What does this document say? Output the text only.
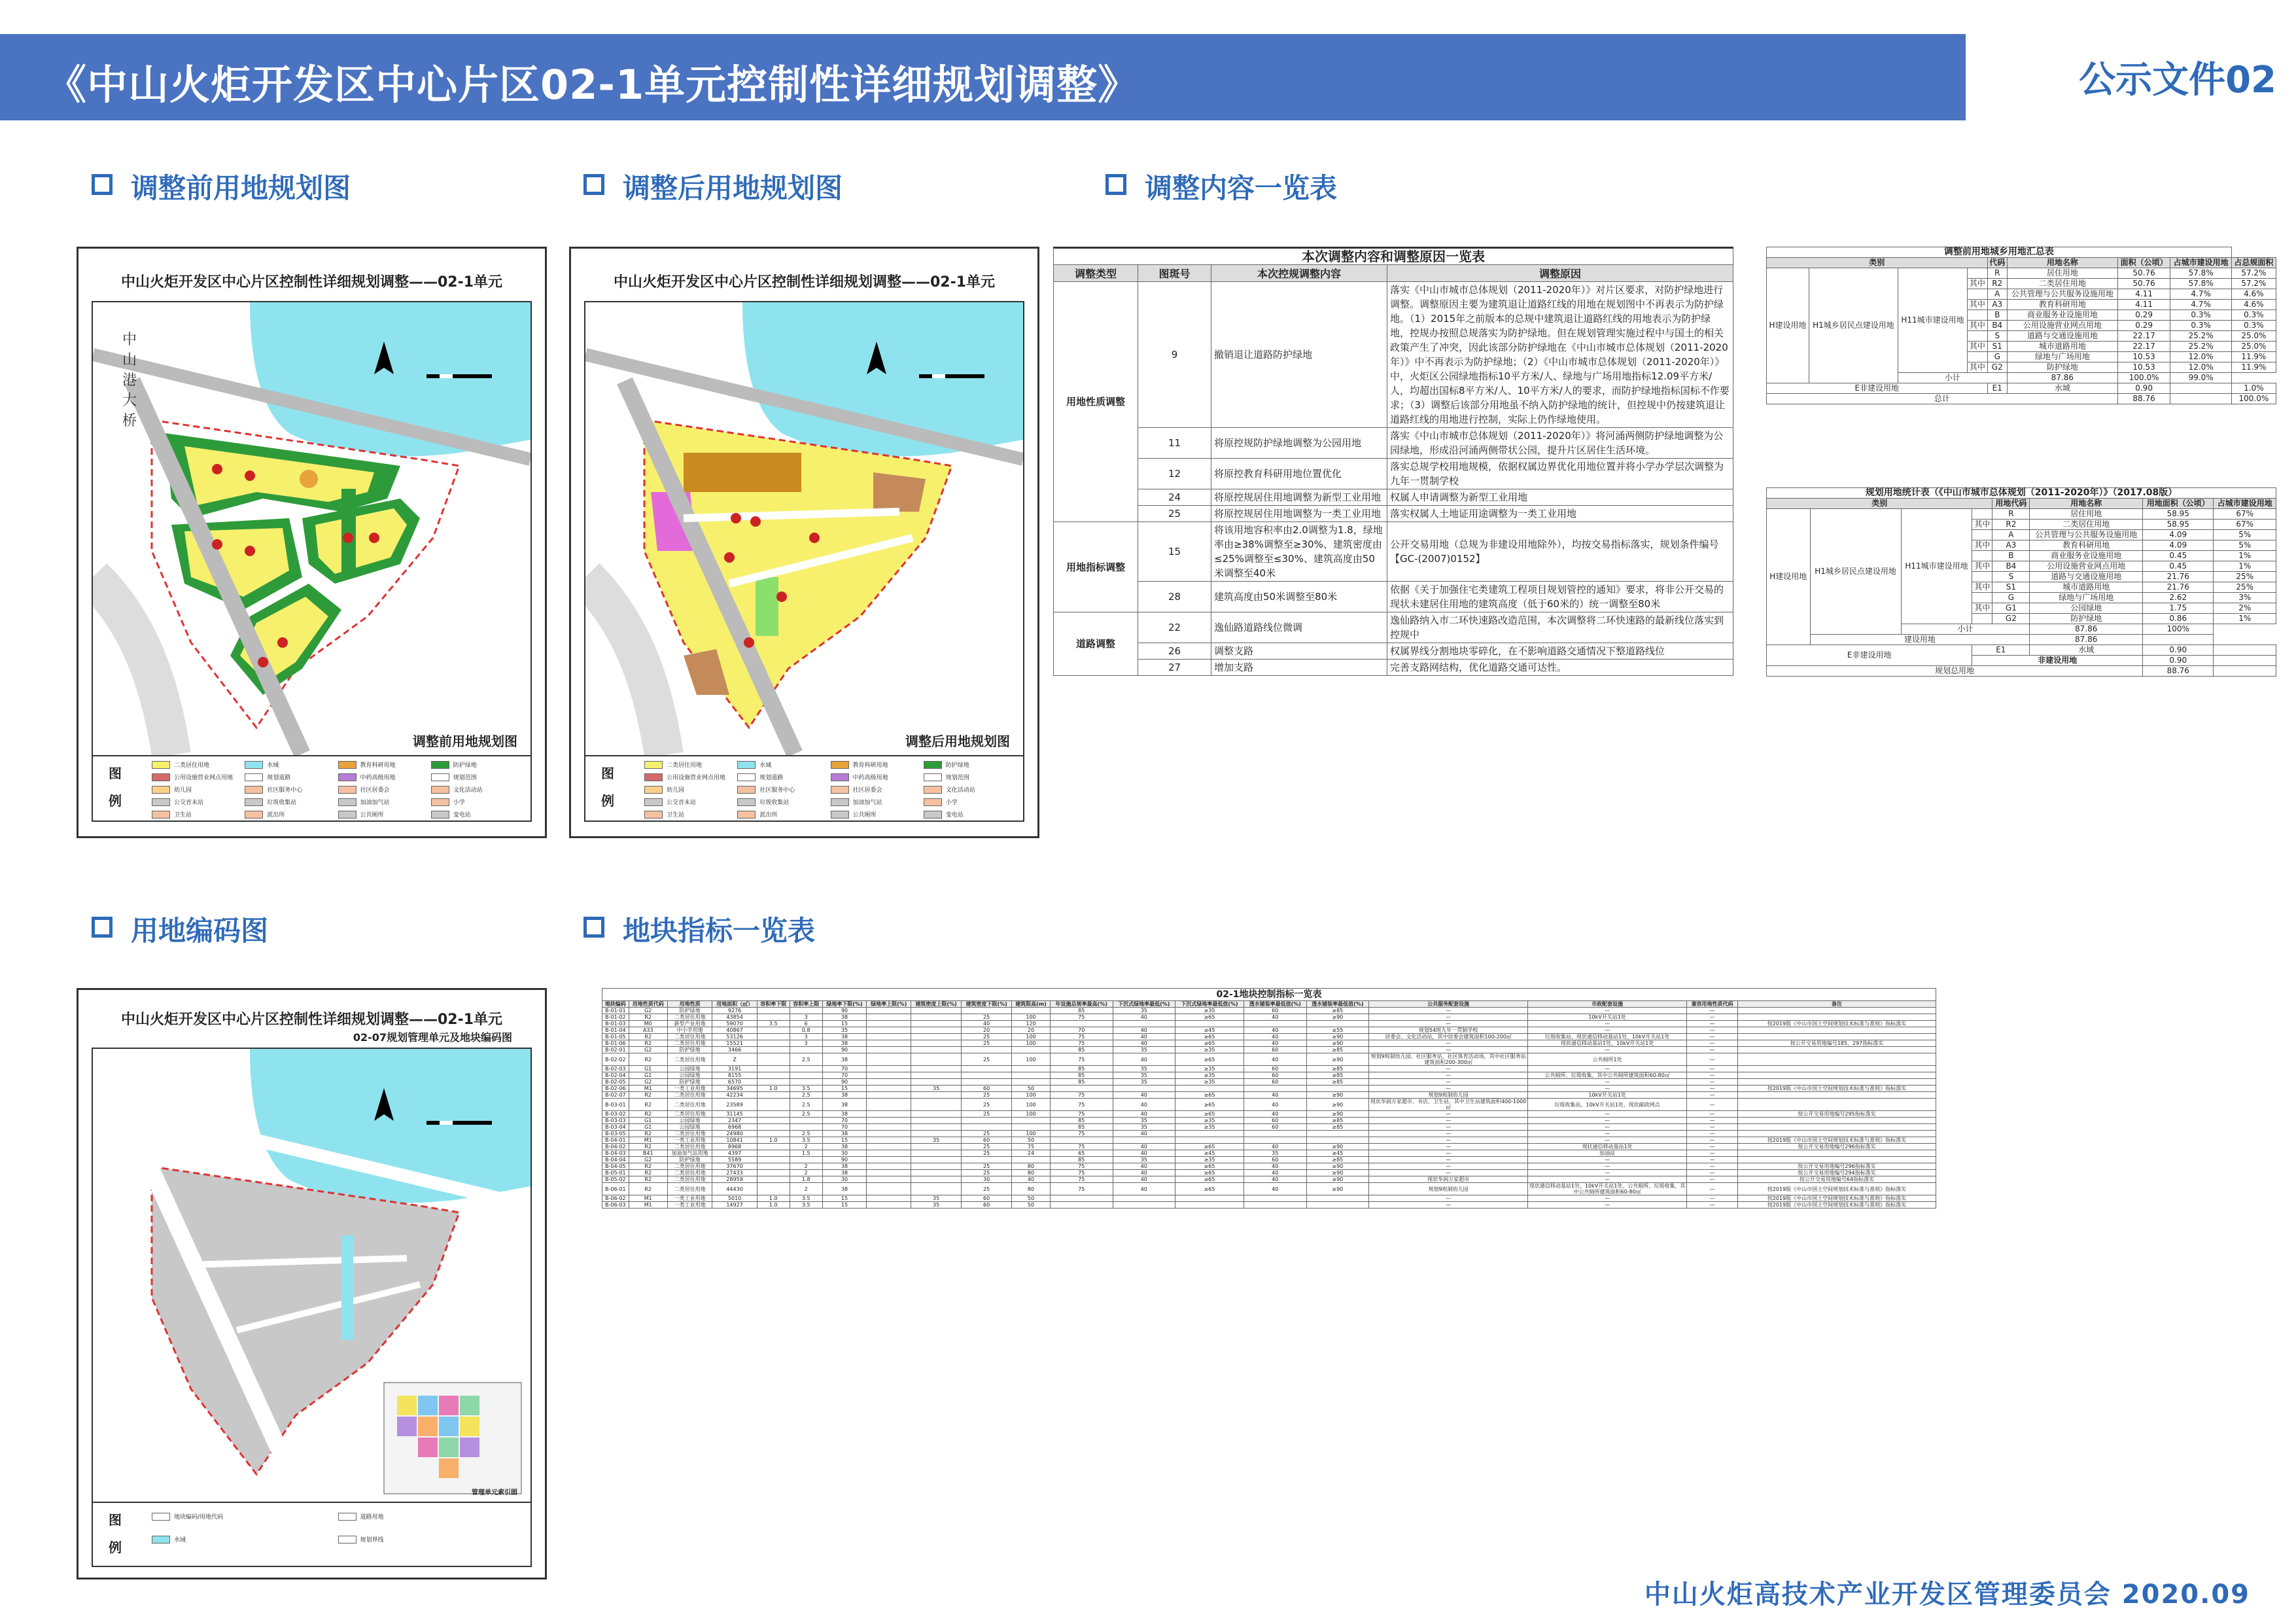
《中山火炬开发区中心片区02-1单元控制性详细规划调整》	公示文件02
调整前用地规划图	调整后用地规划图	调整内容一览表
用地编码图	地块指标一览表
中山火炬开发区中心片区控制性详细规划调整——02-1单元
中
山
港
大
桥
调整前用地规划图
图
例
二类居住用地	水域	教育科研用地	防护绿地
公用设施营业网点用地	规划道路	中药高级用地	规划范围
幼儿园	社区服务中心	社区居委会	文化活动站
公交首末站	垃圾收集站	加油加气站	小学
卫生站	派出所	公共厕所	变电站
中山火炬开发区中心片区控制性详细规划调整——02-1单元
调整后用地规划图
图
例
二类居住用地	水域	教育科研用地	防护绿地
公用设施营业网点用地	规划道路	中药高级用地	规划范围
幼儿园	社区服务中心	社区居委会	文化活动站
公交首末站	垃圾收集站	加油加气站	小学
卫生站	派出所	公共厕所	变电站
中山火炬开发区中心片区控制性详细规划调整——02-1单元
02-07规划管理单元及地块编码图
管理单元索引图
图
例
地块编码/用地代码	道路用地
水域	规划界线
本次调整内容和调整原因一览表			
调整类型	图斑号	本次控规调整内容	调整原因
用地性质调整	9	撤销退让道路防护绿地	落实《中山市城市总体规划（2011-2020年）》对片区要求，对防护绿地进行调整。调整原因主要为建筑退让道路红线的用地在规划图中不再表示为防护绿地。（1）2015年之前版本的总规中建筑退让道路红线的用地表示为防护绿地，控规办按照总规落实为防护绿地。但在规划管理实施过程中与国土的相关政策产生了冲突，因此该部分防护绿地在《中山市城市总体规划（2011-2020年）》中不再表示为防护绿地；（2）《中山市城市总体规划（2011-2020年）》中，火炬区公园绿地指标10平方米/人、绿地与广场用地指标12.09平方米/人，均超出国标8平方米/人、10平方米/人的要求，而防护绿地指标国标不作要求；（3）调整后该部分用地虽不纳入防护绿地的统计，但控规中仍按建筑退让道路红线的用地进行控制，实际上仍作绿地使用。
	11	将原控规防护绿地调整为公园用地	落实《中山市城市总体规划（2011-2020年）》将河涌两侧防护绿地调整为公园绿地，形成沿河涌两侧带状公园，提升片区居住生活环境。
	12	将原控教育科研用地位置优化	落实总规学校用地规模，依据权属边界优化用地位置并将小学办学层次调整为九年一贯制学校
	24	将原控规居住用地调整为新型工业用地	权属人申请调整为新型工业用地
	25	将原控规居住用地调整为一类工业用地	落实权属人土地证用途调整为一类工业用地
用地指标调整	15	将该用地容积率由2.0调整为1.8，绿地率由≥38%调整至≥30%、建筑密度由≤25%调整至≤30%、建筑高度由50米调整至40米	公开交易用地（总规为非建设用地除外），均按交易指标落实，规划条件编号【GC-(2007)0152】
	28	建筑高度由50米调整至80米	依据《关于加强住宅类建筑工程项目规划管控的通知》要求，将非公开交易的现状未建居住用地的建筑高度（低于60米的）统一调整至80米
道路调整	22	逸仙路道路线位微调	逸仙路纳入市二环快速路改造范围，本次调整将二环快速路的最新线位落实到控规中
	26	调整支路	权属界线分割地块零碎化，在不影响道路交通情况下整道路线位
	27	增加支路	完善支路网结构，优化道路交通可达性。
调整前用地城乡用地汇总表								
类别				代码	用地名称	面积（公顷）	占城市建设用地	占总规面积
H建设用地	H1城乡居民点建设用地	H11城市建设用地		R	居住用地	50.76	57.8%	57.2%
			其中	R2	二类居住用地	50.76	57.8%	57.2%
				A	公共管理与公共服务设施用地	4.11	4.7%	4.6%
			其中	A3	教育科研用地	4.11	4.7%	4.6%
				B	商业服务业设施用地	0.29	0.3%	0.3%
			其中	B4	公用设施营业网点用地	0.29	0.3%	0.3%
				S	道路与交通设施用地	22.17	25.2%	25.0%
			其中	S1	城市道路用地	22.17	25.2%	25.0%
				G	绿地与广场用地	10.53	12.0%	11.9%
			其中	G2	防护绿地	10.53	12.0%	11.9%
		小计			87.86	100.0%	99.0%	
E非建设用地				E1	水域	0.90		1.0%
总计						88.76		100.0%
规划用地统计表（《中山市城市总体规划（2011-2020年）》（2017.08版）							
类别				用地代码	用地名称	用地面积（公顷）	占城市建设用地
H建设用地	H1城乡居民点建设用地	H11城市建设用地		R	居住用地	58.95	67%
			其中	R2	二类居住用地	58.95	67%
				A	公共管理与公共服务设施用地	4.09	5%
			其中	A3	教育科研用地	4.09	5%
				B	商业服务业设施用地	0.45	1%
			其中	B4	公用设施营业网点用地	0.45	1%
				S	道路与交通设施用地	21.76	25%
			其中	S1	城市道路用地	21.76	25%
				G	绿地与广场用地	2.62	3%
			其中	G1	公园绿地	1.75	2%
				G2	防护绿地	0.86	1%
		小计			87.86	100%	
	建设用地				87.86		
E非建设用地			E1		水域	0.90	
			非建设用地			0.90	
规划总用地						88.76	
02-1地块控制指标一览表																			
地块编码	用地性质代码	用地性质	用地面积（㎡）	容积率下限	容积率上限	绿地率下限(%)	绿地率上限(%)	建筑密度上限(%)	建筑密度下限(%)	建筑限高(m)	年设施总规率最高(%)	下沉式绿地率最低(%)	下沉式绿地率最低值(%)	透水铺装率最低值(%)	透水铺装率最低值(%)	公共服务配套设施	市政配套设施	兼容用地性质代码	备注
B-01-01	G2	防护绿地	9276			90					85	35	≥35	60	≥85	—	—	—	
B-01-02	R2	二类居住用地	43854		3	38			25	100	75	40	≥65	40	≥90	—	10kV开关站1处	—	
B-01-03	M0	新型产业用地	59070	3.5	6	15			40	120						—	—	—	按2019版《中山市国土空间规划技术标准与准则》指标落实
B-01-04	A33	中小学用地	40867		0.8	35			20	20	70	40	≥45	40	≥55	规划54班九年一贯制学校	—	—	
B-01-05	R2	二类居住用地	53126		3	38			25	100	75	40	≥65	40	≥90	居委会、文化活动站，其中居委会建筑面积100-200㎡	垃圾收集站、现状通信移动基站1处、10kV开关站1处	—	
B-01-06	R2	二类居住用地	15521		3	38			25	100	75	40	≥65	40	≥90	—	现状通信移动基站1处、10kV开关站1处	—	按公开交易用地编号185、297指标落实
B-02-01	G2	防护绿地	3466			90					85	35	≥35	60	≥85	—	—	—	
B-02-02	R2	二类居住用地	Z		2.5	38			25	100	75	40	≥65	40	≥90	规划9班制幼儿园、社区服务站、社区体育活动场，其中社区服务站建筑面积200-300㎡	公共厕所1处	—	
B-02-03	G1	公园绿地	3191			70					85	35	≥35	60	≥85	—	—	—	
B-02-04	G1	公园绿地	8155			70					85	35	≥35	60	≥85	—	公共厕所、垃圾收集，其中公共厕所建筑面积60-80㎡	—	
B-02-05	G2	防护绿地	6570			90					85	35	≥35	60	≥85	—	—	—	
B-02-06	M1	一类工业用地	34695	1.0	3.5	15		35	60	50						—	—	—	按2019版《中山市国土空间规划技术标准与准则》指标落实
B-02-07	R2	二类居住用地	42234		2.5	38			25	100	75	40	≥65	40	≥90	规划9班制幼儿园	10kV开关站1处	—	
B-03-01	R2	二类居住用地	23589		2.5	38			25	100	75	40	≥65	40	≥90	现状华润万家超市、书店、卫生站，其中卫生站建筑面积400-1000㎡	垃圾收集站、10kV开关站1处、现状邮政网点	—	
B-03-02	R2	二类居住用地	31145		2.5	38			25	100	75	40	≥65	40	≥90	—	—	—	按公开交易用地编号295指标落实
B-03-03	G1	公园绿地	2347			70					85	35	≥35	60	≥85	—	—	—	
B-03-04	G1	公园绿地	6968			70					85	35	≥35	60	≥85	—	—	—	
B-03-05	R2	二类居住用地	24980		2.5	38			25	100	75	40				—	—	—	
B-04-01	M1	一类工业用地	10841	1.0	3.5	15		35	60	50						—	—	—	按2019版《中山市国土空间规划技术标准与准则》指标落实
B-04-02	R2	二类居住用地	8968		2	38			25	75	75	40	≥65	40	≥90	—	现状通信移动基站1处	—	按公开交易用地编号296指标落实
B-04-03	B41	加油加气站用地	4397		1.5	30			25	24	65	40	≥45	35	≥45	—	加油站	—	
B-04-04	G2	防护绿地	5589			90					85	35	≥35	60	≥85	—	—	—	
B-04-05	R2	二类居住用地	37670		2	38			25	80	75	40	≥65	40	≥90	—	—	—	按公开交易用地编号296指标落实
B-05-01	R2	二类居住用地	27433		2	38			25	80	75	40	≥65	40	≥90	—	—	—	按公开交易用地编号294指标落实
B-05-02	R2	二类居住用地	28959		1.8	30			30	40	75	40	≥65	40	≥90	现状华润万家超市	—	—	按公开交易用地编号64指标落实
B-06-01	R2	二类居住用地	44430		2	38			25	80	75	40	≥65	40	≥90	规划9班制幼儿园	现状通信移动基站1处、10kV开关站1处、公共厕所、垃圾收集，其中公共厕所建筑面积60-80㎡	—	按2019版《中山市国土空间规划技术标准与准则》指标落实
B-06-02	M1	一类工业用地	5010	1.0	3.5	15		35	60	50						—	—	—	按2019版《中山市国土空间规划技术标准与准则》指标落实
B-06-03	M1	一类工业用地	14927	1.0	3.5	15		35	60	50						—	—	—	按2019版《中山市国土空间规划技术标准与准则》指标落实
中山火炬高技术产业开发区管理委员会 2020.09
